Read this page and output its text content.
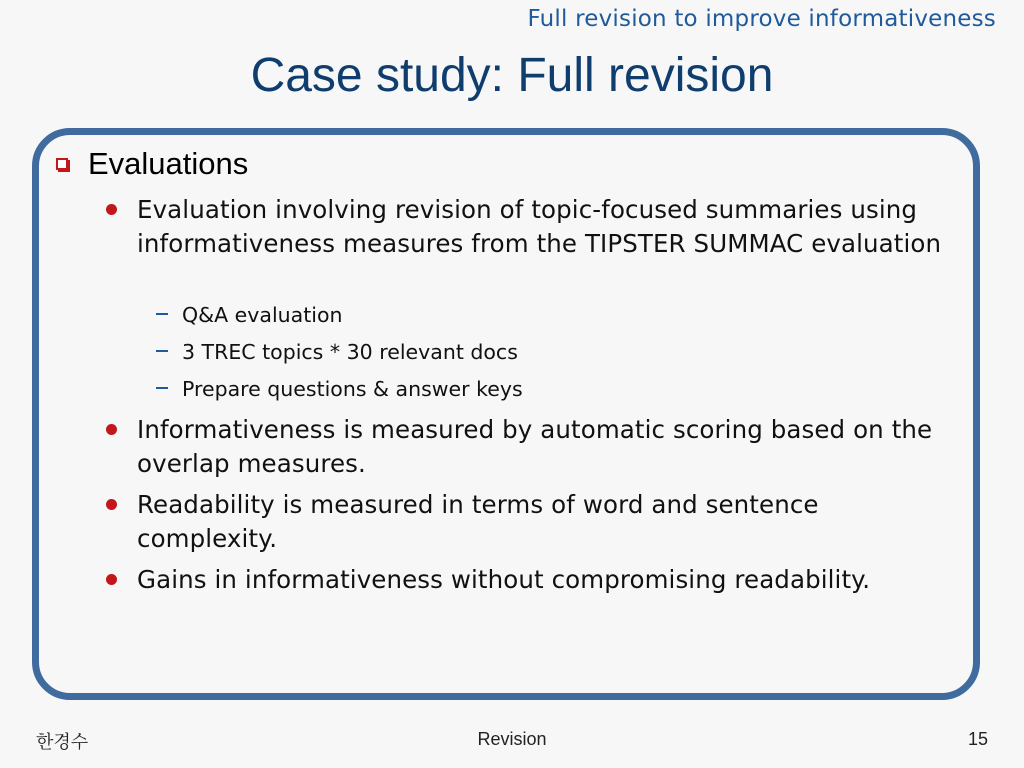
Full revision to improve informativeness
Case study: Full revision
Evaluations
Evaluation involving revision of topic-focused summaries using informativeness measures from the TIPSTER SUMMAC evaluation
Q&A evaluation
3 TREC topics * 30 relevant docs
Prepare questions & answer keys
Informativeness is measured by automatic scoring based on the overlap measures.
Readability is measured in terms of word and sentence complexity.
Gains in informativeness without compromising readability.
한경수	Revision	15
